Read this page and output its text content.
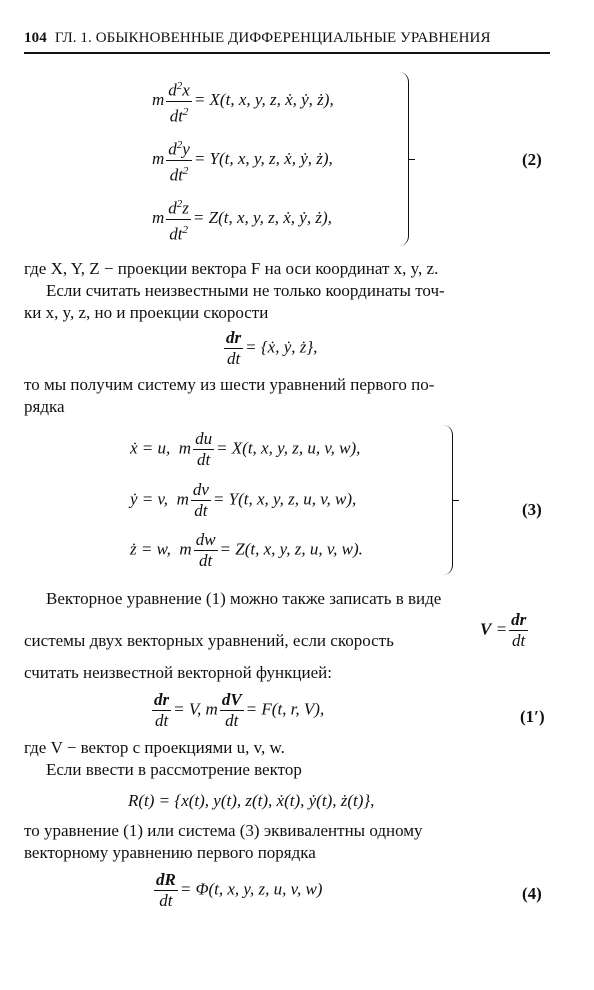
104 ГЛ. 1. ОБЫКНОВЕННЫЕ ДИФФЕРЕНЦИАЛЬНЫЕ УРАВНЕНИЯ
m $\frac{d^2x}{dt^2} = X(t$, x, y, z, ẋ, ẏ, ż),
m $\frac{d^2y}{dt^2} = Y(t$, x, y, z, ẋ, ẏ, ż),
m $\frac{d^2z}{dt^2} = Z(t$, x, y, z, ẋ, ẏ, ż),
(2)
где X, Y, Z − проекции вектора F на оси координат x, y, z.
Если считать неизвестными не только координаты точ-
ки x, y, z, но и проекции скорости
$\frac{dr}{dt}$ = {ẋ, ẏ, ż},
то мы получим систему из шести уравнений первого по-
рядка
ẋ = u,  m $\frac{du}{dt} = X(t$, x, y, z, u, v, w),
ẏ = v,  m $\frac{dv}{dt} = Y(t$, x, y, z, u, v, w),
ż = w,  m $\frac{dw}{dt} = Z(t$, x, y, z, u, v, w).
(3)
Векторное уравнение (1) можно также записать в виде
системы двух векторных уравнений, если скорость
$V = \frac{dr}{dt}$
считать неизвестной векторной функцией:
$\frac{dr}{dt} = V$, m $\frac{dV}{dt} = F(t$, r, V),	(1′)
где V − вектор с проекциями u, v, w.
Если ввести в рассмотрение вектор
R(t) = {x(t), y(t), z(t), ẋ(t), ẏ(t), ż(t)},
то уравнение (1) или система (3) эквивалентны одному
векторному уравнению первого порядка
$\frac{dR}{dt} = \Phi(t$, x, y, z, u, v, w)	(4)
